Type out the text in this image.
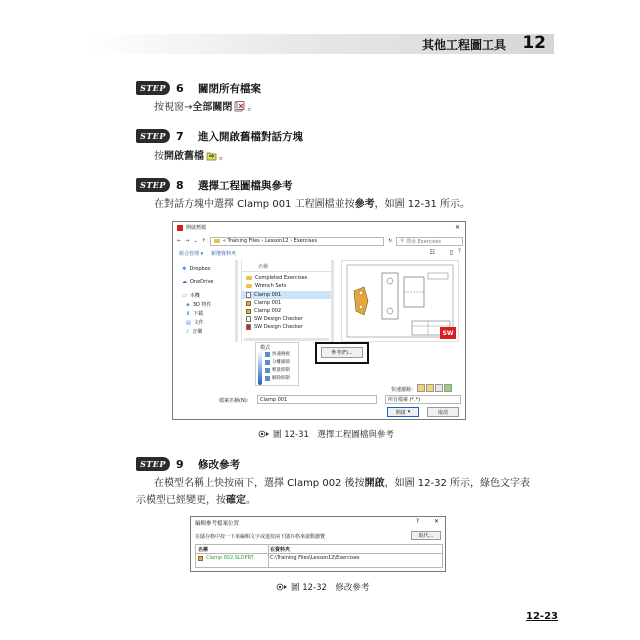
其他工程圖工具 12
STEP 6	關閉所有檔案
按視窗→全部關閉 。
STEP 7	進入開啟舊檔對話方塊
按開啟舊檔 。
STEP 8	選擇工程圖檔與參考
在對話方塊中選擇 Clamp 001 工程圖檔並按參考，如圖 12-31 所示。
開啟舊檔	✕
← → ⌄ ↑	« Training Files › Lesson12 › Exercises	↻ ⚲ 搜尋 Exercises
組合管理 ▾ 新增資料夾	☷ ▯ ?
❖ Dropbox
☁ OneDrive
▭ 本機
◈ 3D 物件
⬇ 下載
▤ 文件
♪ 音樂
名稱
Completed Exercises
Wrench Sets
Clamp 001
Clamp 001
Clamp 002
SW Design Checker
SW Design Checker
SW
模式
快速檢視
分離細節
輕量抑制
解除抑制
參考(F)...
快速濾鏡：
檔案名稱(N): Clamp 001	所有檔案 (*.*)
開啟 ▾	取消
圖 12-31　選擇工程圖檔與參考
STEP 9	修改參考
在模型名稱上快按兩下，選擇 Clamp 002 後按開啟，如圖 12-32 所示，綠色文字表
示模型已經變更，按確定。
編輯參考檔案位置	? ✕
在儲存格中按一下來編輯文字或連按兩下儲存格來啟動瀏覽	取代...
名稱	在資料夾
Clamp 002.SLDPRT	C:\Training Files\Lesson12\Exercises
圖 12-32　修改參考
12-23
